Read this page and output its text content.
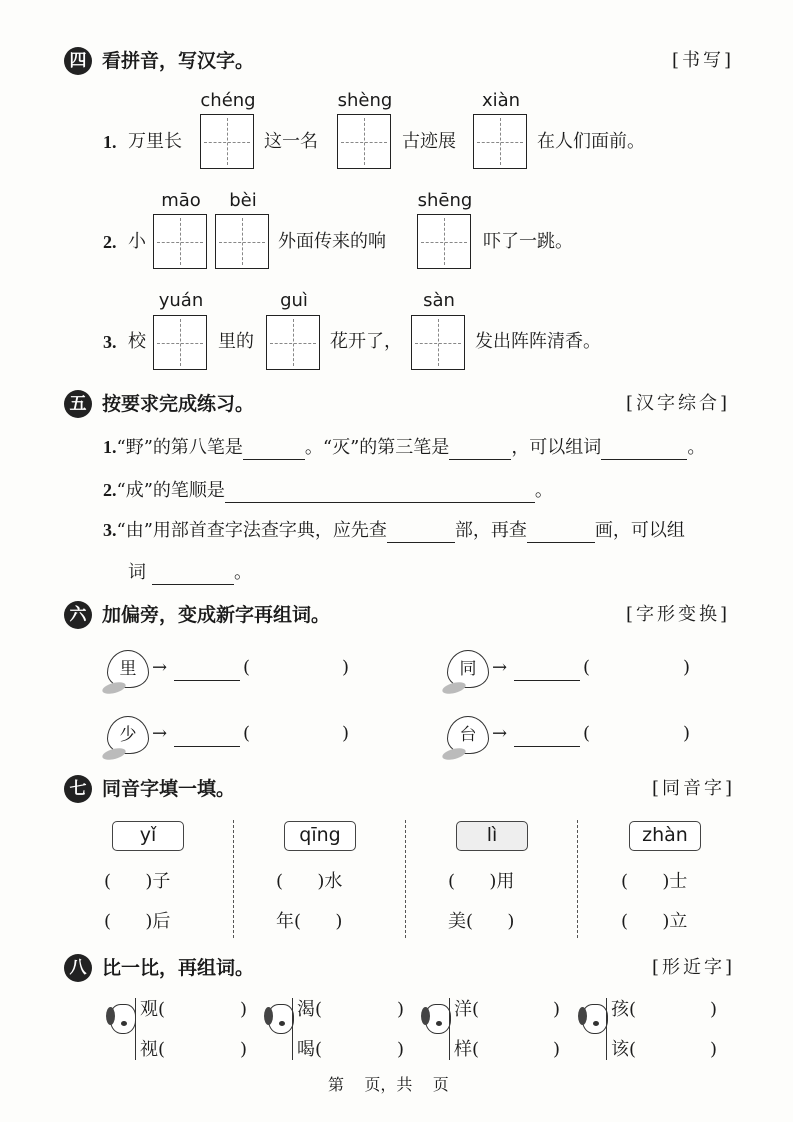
四 看拼音，写汉字。	[书写]
五 按要求完成练习。	[汉字综合]
六 加偏旁，变成新字再组词。	[字形变换]
七 同音字填一填。	[同音字]
八 比一比，再组词。	[形近字]
1. 万里长
chéng
这一名
shèng
古迹展
xiàn
在人们面前。
2. 小
māo	bèi
外面传来的响
shēng
吓了一跳。
3. 校
yuán
里的
guì
花开了，
sàn
发出阵阵清香。
1.“野”的第八笔是	。“灭”的第三笔是	，可以组词	。
2.“成”的笔顺是	。
3.“由”用部首查字法查字典，应先查	部，再查	画，可以组
词	。
里 →	(	)	同 →	(	)
少 →	(	)	台 →	(	)
yǐ	qīng	lì	zhàn
(      )子	(      )水	(      )用	(      )士
(      )后	年(      )	美(      )	(      )立
观(	)
视(	)
渴(	)
喝(	)
洋(	)
样(	)
孩(	)
该(	)
第    页，共    页
